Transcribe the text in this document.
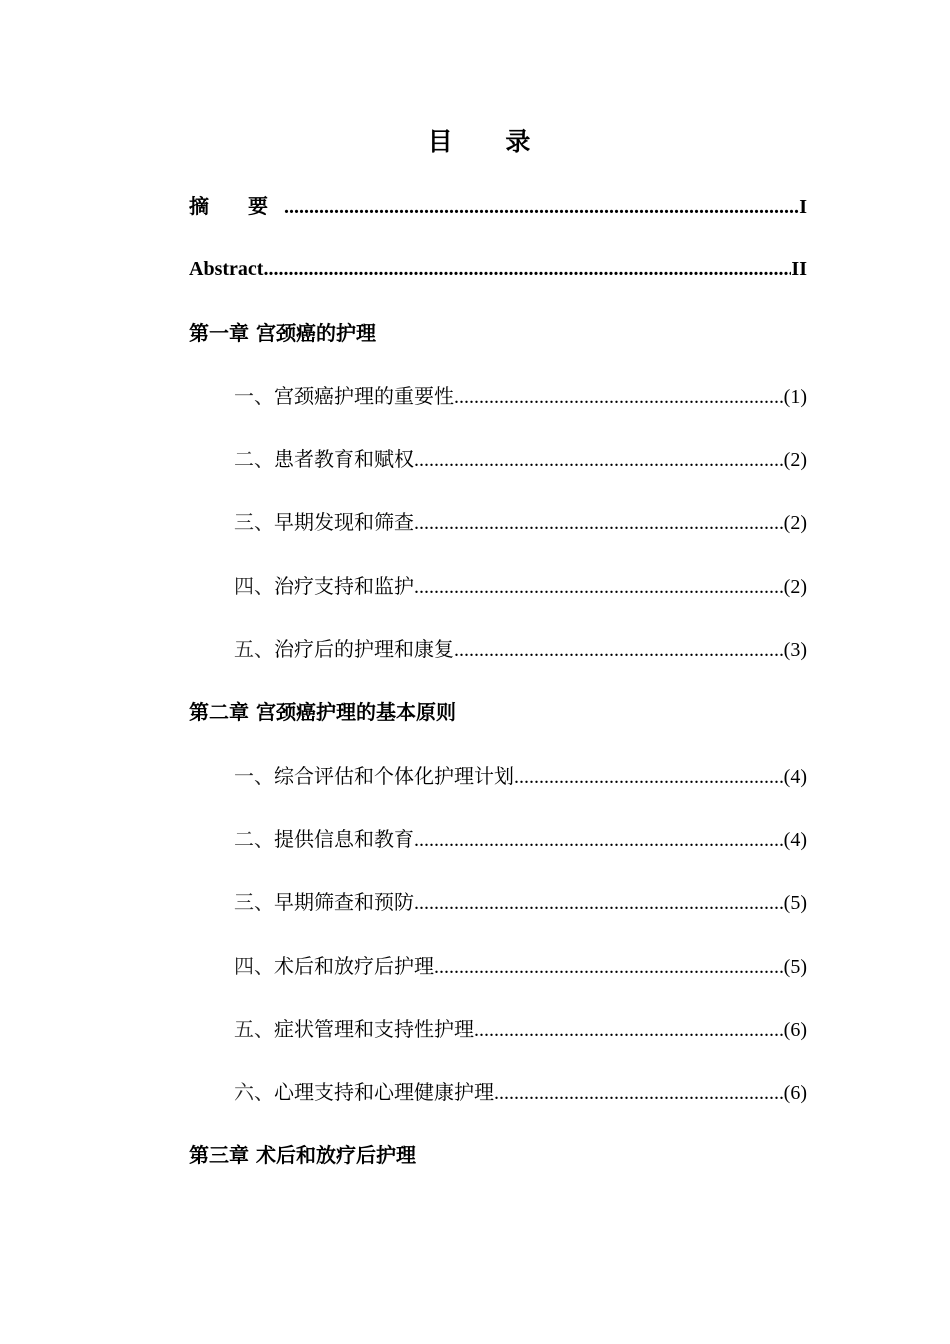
目 录
摘 要 .....	I
Abstract .....	II
第一章 宫颈癌的护理
一、 宫颈癌护理的重要性 .....	(1)
二、 患者教育和赋权 .....	(2)
三、 早期发现和筛查 .....	(2)
四、 治疗支持和监护 .....	(2)
五、 治疗后的护理和康复 .....	(3)
第二章 宫颈癌护理的基本原则
一、 综合评估和个体化护理计划 .....	(4)
二、 提供信息和教育 .....	(4)
三、 早期筛查和预防 .....	(5)
四、 术后和放疗后护理 .....	(5)
五、 症状管理和支持性护理 .....	(6)
六、 心理支持和心理健康护理 .....	(6)
第三章 术后和放疗后护理
